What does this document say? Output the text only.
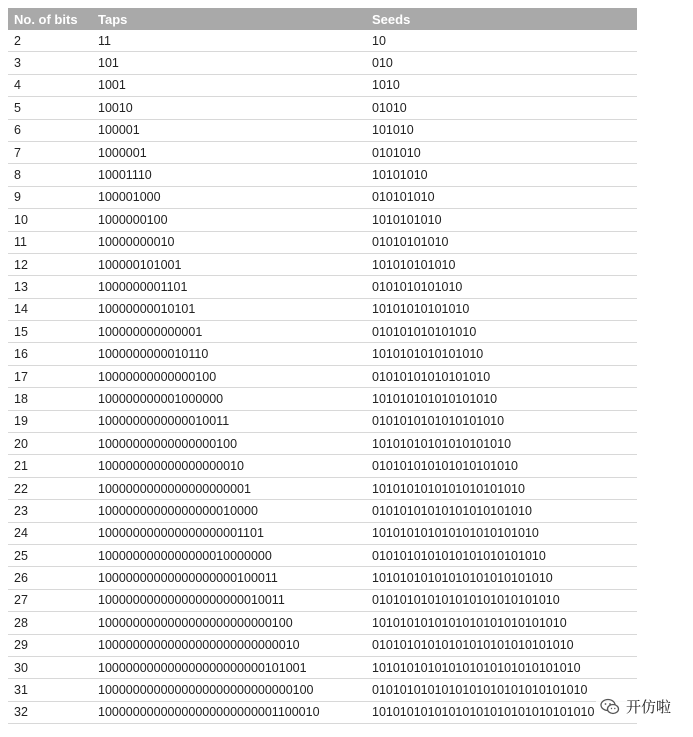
No. of bits	Taps	Seeds
2	11	10
3	101	010
4	1001	1010
5	10010	01010
6	100001	101010
7	1000001	0101010
8	10001110	10101010
9	100001000	010101010
10	1000000100	1010101010
11	10000000010	01010101010
12	100000101001	101010101010
13	1000000001101	0101010101010
14	10000000010101	10101010101010
15	100000000000001	010101010101010
16	1000000000010110	1010101010101010
17	10000000000000100	01010101010101010
18	100000000001000000	101010101010101010
19	1000000000000010011	0101010101010101010
20	10000000000000000100	10101010101010101010
21	100000000000000000010	010101010101010101010
22	1000000000000000000001	1010101010101010101010
23	10000000000000000010000	01010101010101010101010
24	100000000000000000001101	101010101010101010101010
25	1000000000000000010000000	0101010101010101010101010
26	10000000000000000000100011	10101010101010101010101010
27	100000000000000000000010011	010101010101010101010101010
28	1000000000000000000000000100	1010101010101010101010101010
29	10000000000000000000000000010	01010101010101010101010101010
30	100000000000000000000000101001	101010101010101010101010101010
31	1000000000000000000000000000100	0101010101010101010101010101010
32	10000000000000000000000001100010	10101010101010101010101010101010	开仿啦
